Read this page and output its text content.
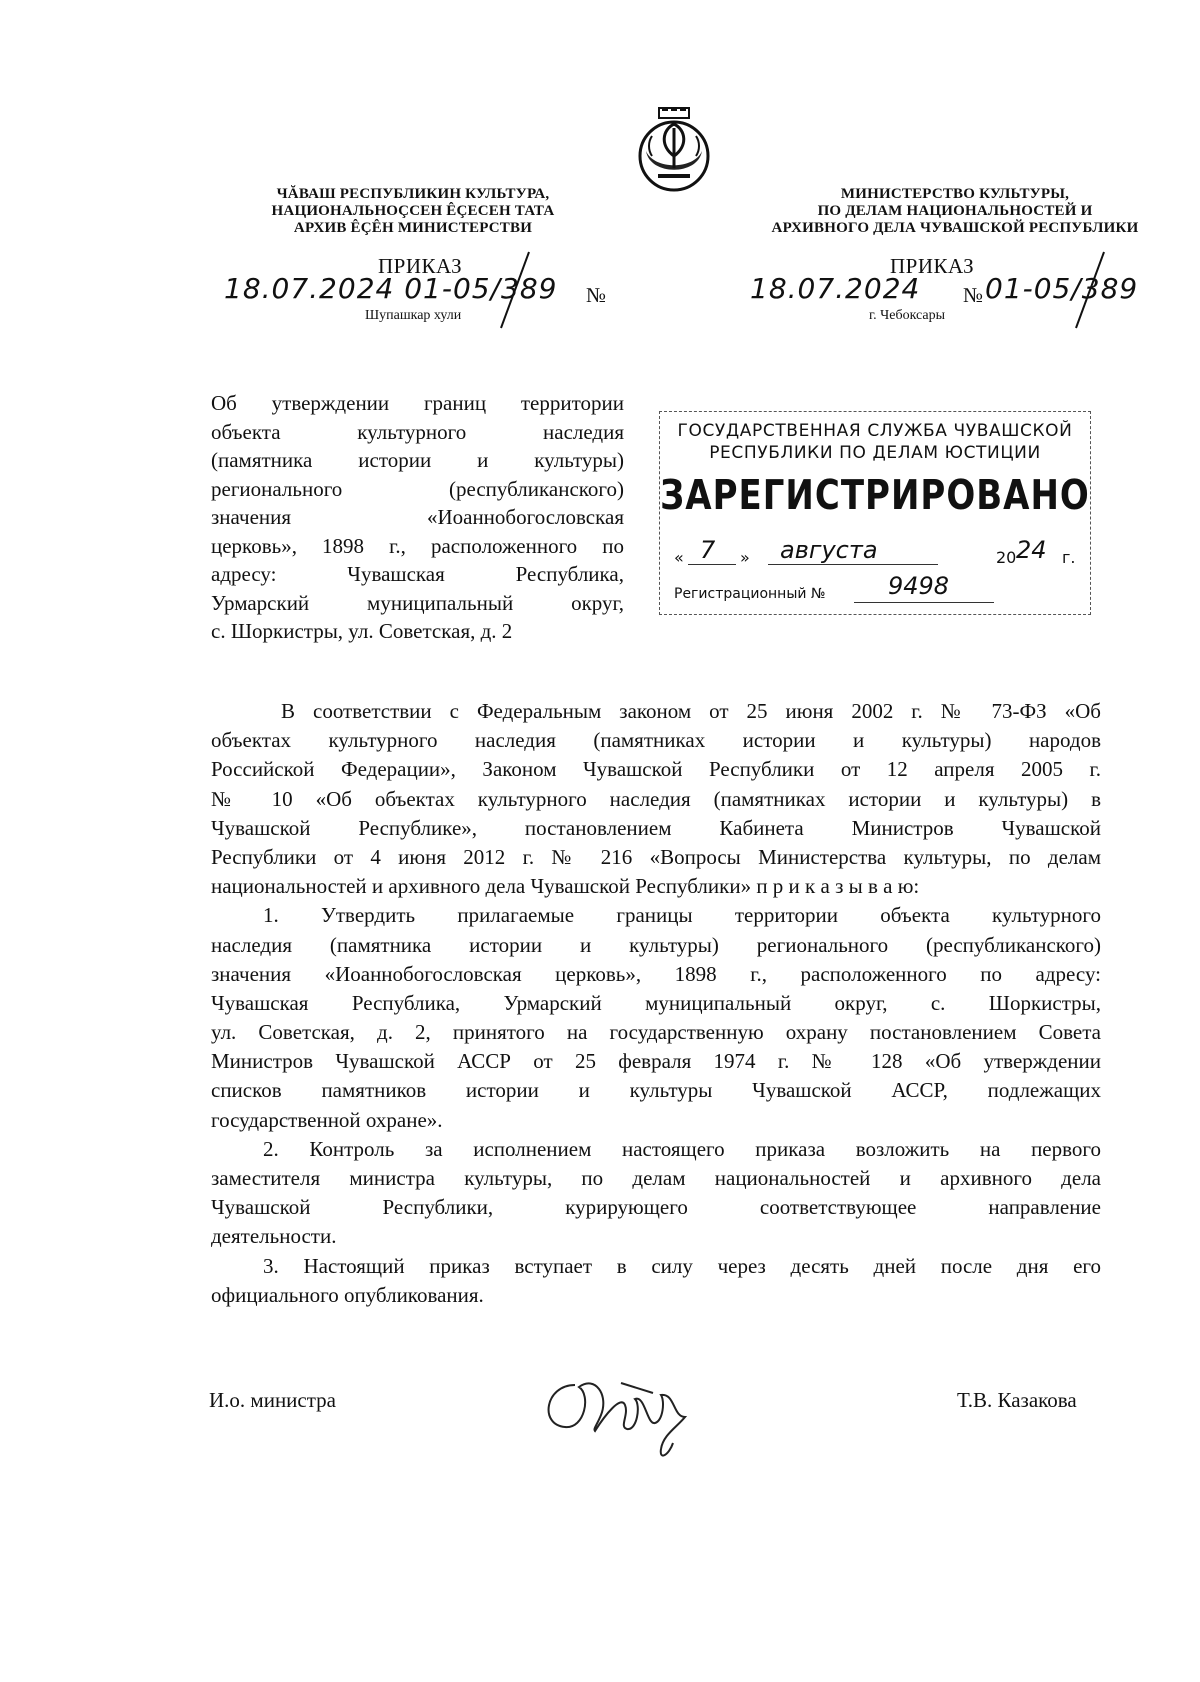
ЧĂВАШ РЕСПУБЛИКИН КУЛЬТУРА,
НАЦИОНАЛЬНОÇСЕН ÊÇЕСЕН ТАТА
АРХИВ ÊÇÊН МИНИСТЕРСТВИ
МИНИСТЕРСТВО КУЛЬТУРЫ,
ПО ДЕЛАМ НАЦИОНАЛЬНОСТЕЙ И
АРХИВНОГО ДЕЛА ЧУВАШСКОЙ РЕСПУБЛИКИ
ПРИКАЗ
18.07.2024 01-05/389 №
Шупашкар хули
ПРИКАЗ
18.07.2024 № 01-05/389
г. Чебоксары
Об утверждении границ территории
объекта культурного наследия
(памятника истории и культуры)
регионального (республиканского)
значения «Иоаннобогословская
церковь», 1898 г., расположенного по
адресу: Чувашская Республика,
Урмарский муниципальный округ,
с. Шоркистры, ул. Советская, д. 2
ГОСУДАРСТВЕННАЯ СЛУЖБА ЧУВАШСКОЙ
РЕСПУБЛИКИ ПО ДЕЛАМ ЮСТИЦИИ
ЗАРЕГИСТРИРОВАНО
« 7 » августа	20 24 г.
Регистрационный №	9498
В соответствии с Федеральным законом от 25 июня 2002 г. № 73-ФЗ «Об
объектах культурного наследия (памятниках истории и культуры) народов
Российской Федерации», Законом Чувашской Республики от 12 апреля 2005 г.
№ 10 «Об объектах культурного наследия (памятниках истории и культуры) в
Чувашской Республике», постановлением Кабинета Министров Чувашской
Республики от 4 июня 2012 г. № 216 «Вопросы Министерства культуры, по делам
национальностей и архивного дела Чувашской Республики» п р и к а з ы в а ю:
1. Утвердить прилагаемые границы территории объекта культурного
наследия (памятника истории и культуры) регионального (республиканского)
значения «Иоаннобогословская церковь», 1898 г., расположенного по адресу:
Чувашская Республика, Урмарский муниципальный округ, с. Шоркистры,
ул. Советская, д. 2, принятого на государственную охрану постановлением Совета
Министров Чувашской АССР от 25 февраля 1974 г. № 128 «Об утверждении
списков памятников истории и культуры Чувашской АССР, подлежащих
государственной охране».
2. Контроль за исполнением настоящего приказа возложить на первого
заместителя министра культуры, по делам национальностей и архивного дела
Чувашской Республики, курирующего соответствующее направление
деятельности.
3. Настоящий приказ вступает в силу через десять дней после дня его
официального опубликования.
И.о. министра	Т.В. Казакова
